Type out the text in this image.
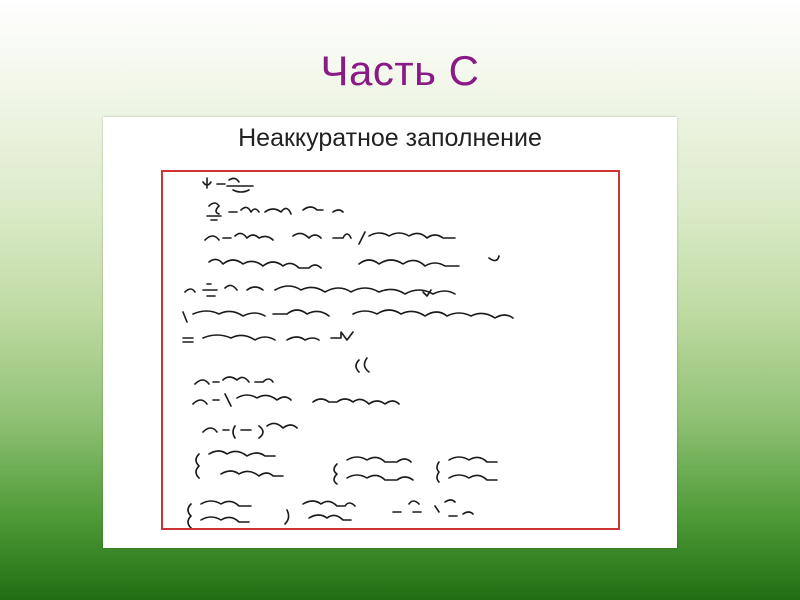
Часть С
Неаккуратное заполнение
